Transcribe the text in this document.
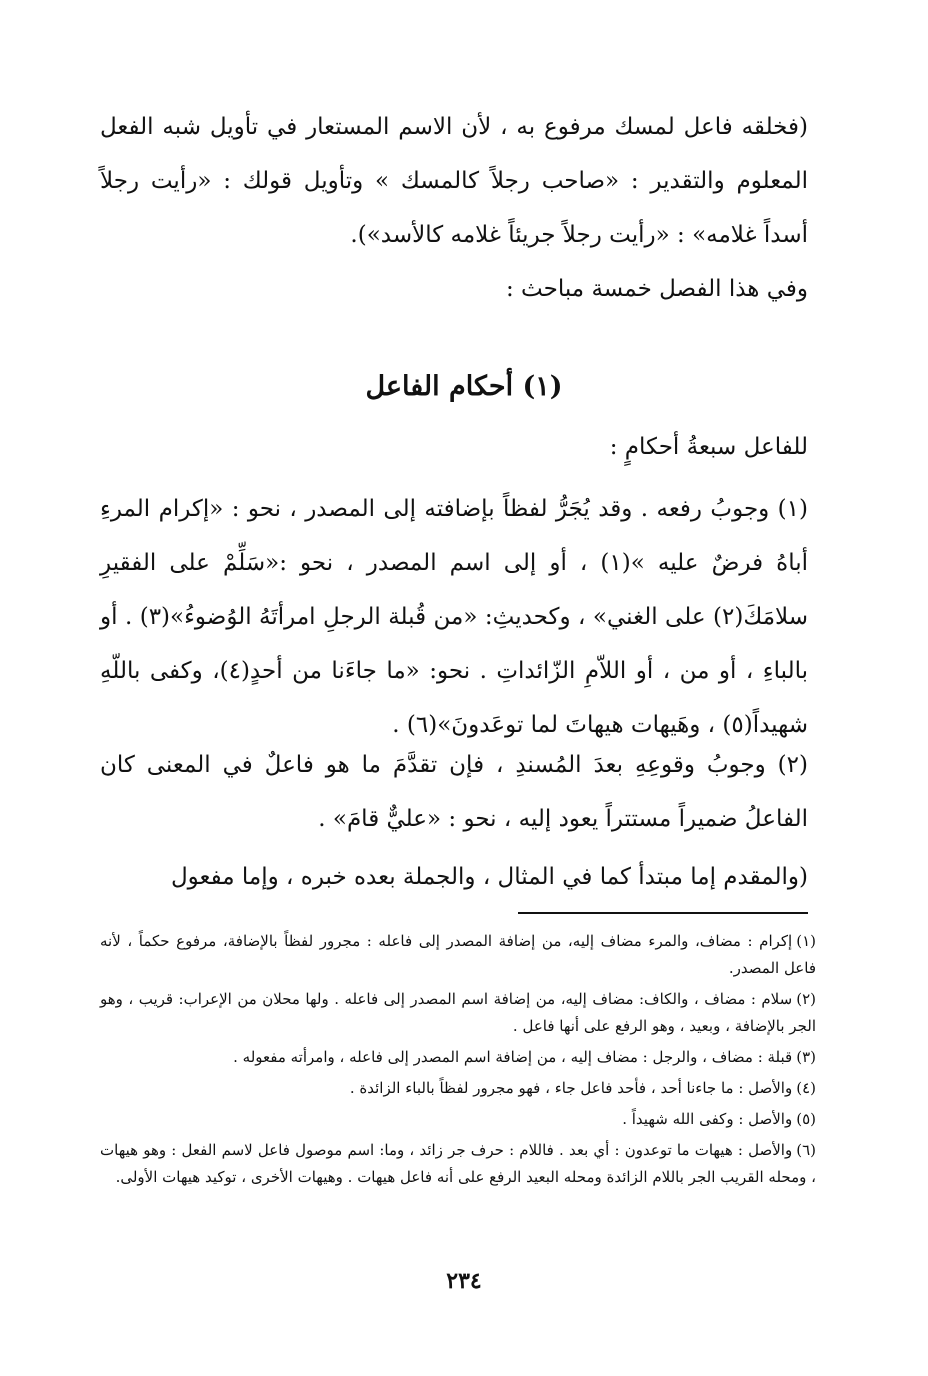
(فخلقه فاعل لمسك مرفوع به ، لأن الاسم المستعار في تأويل شبه الفعل المعلوم والتقدير : «صاحب رجلاً كالمسك » وتأويل قولك : «رأيت رجلاً أسداً غلامه» : «رأيت رجلاً جريئاً غلامه كالأسد»).
وفي هذا الفصل خمسة مباحث :
(١) أحكام الفاعل
للفاعل سبعةُ أحكامٍ :
(١) وجوبُ رفعه . وقد يُجَرُّ لفظاً بإضافته إلى المصدر ، نحو : «إكرام المرءِ أباهُ فرضٌ عليه »(١) ، أو إلى اسم المصدر ، نحو :«سَلِّمْ على الفقيرِ سلامَكَ(٢) على الغني» ، وكحديثِ: «من قُبلة الرجلِ امرأتَهُ الوُضوءُ»(٣) . أو بالباءِ ، أو من ، أو اللاّمِ الزّائداتِ . نحو: «ما جاءَنا من أحدٍ(٤)، وكفى باللّهِ شهيداً(٥) ، وهَيهات هيهاتَ لما توعَدونَ»(٦) .
(٢) وجوبُ وقوعِهِ بعدَ المُسندِ ، فإن تقدَّمَ ما هو فاعلٌ في المعنى كان الفاعلُ ضميراً مستتراً يعود إليه ، نحو : «عليٌّ قامَ» .
(والمقدم إما مبتدأ كما في المثال ، والجملة بعده خبره ، وإما مفعول
(١)إكرام : مضاف، والمرء مضاف إليه، من إضافة المصدر إلى فاعله : مجرور لفظاً بالإضافة، مرفوع حكماً ، لأنه فاعل المصدر.
(٢)سلام : مضاف ، والكاف: مضاف إليه، من إضافة اسم المصدر إلى فاعله . ولها محلان من الإعراب: قريب ، وهو الجر بالإضافة ، وبعيد ، وهو الرفع على أنها فاعل .
(٣)قبلة : مضاف ، والرجل : مضاف إليه ، من إضافة اسم المصدر إلى فاعله ، وامرأته مفعوله .
(٤)والأصل : ما جاءنا أحد ، فأحد فاعل جاء ، فهو مجرور لفظاً بالباء الزائدة .
(٥)والأصل : وكفى الله شهيداً .
(٦)والأصل : هيهات ما توعدون : أي بعد . فاللام : حرف جر زائد ، وما: اسم موصول فاعل لاسم الفعل : وهو هيهات ، ومحله القريب الجر باللام الزائدة ومحله البعيد الرفع على أنه فاعل هيهات . وهيهات الأخرى ، توكيد هيهات الأولى.
٢٣٤
